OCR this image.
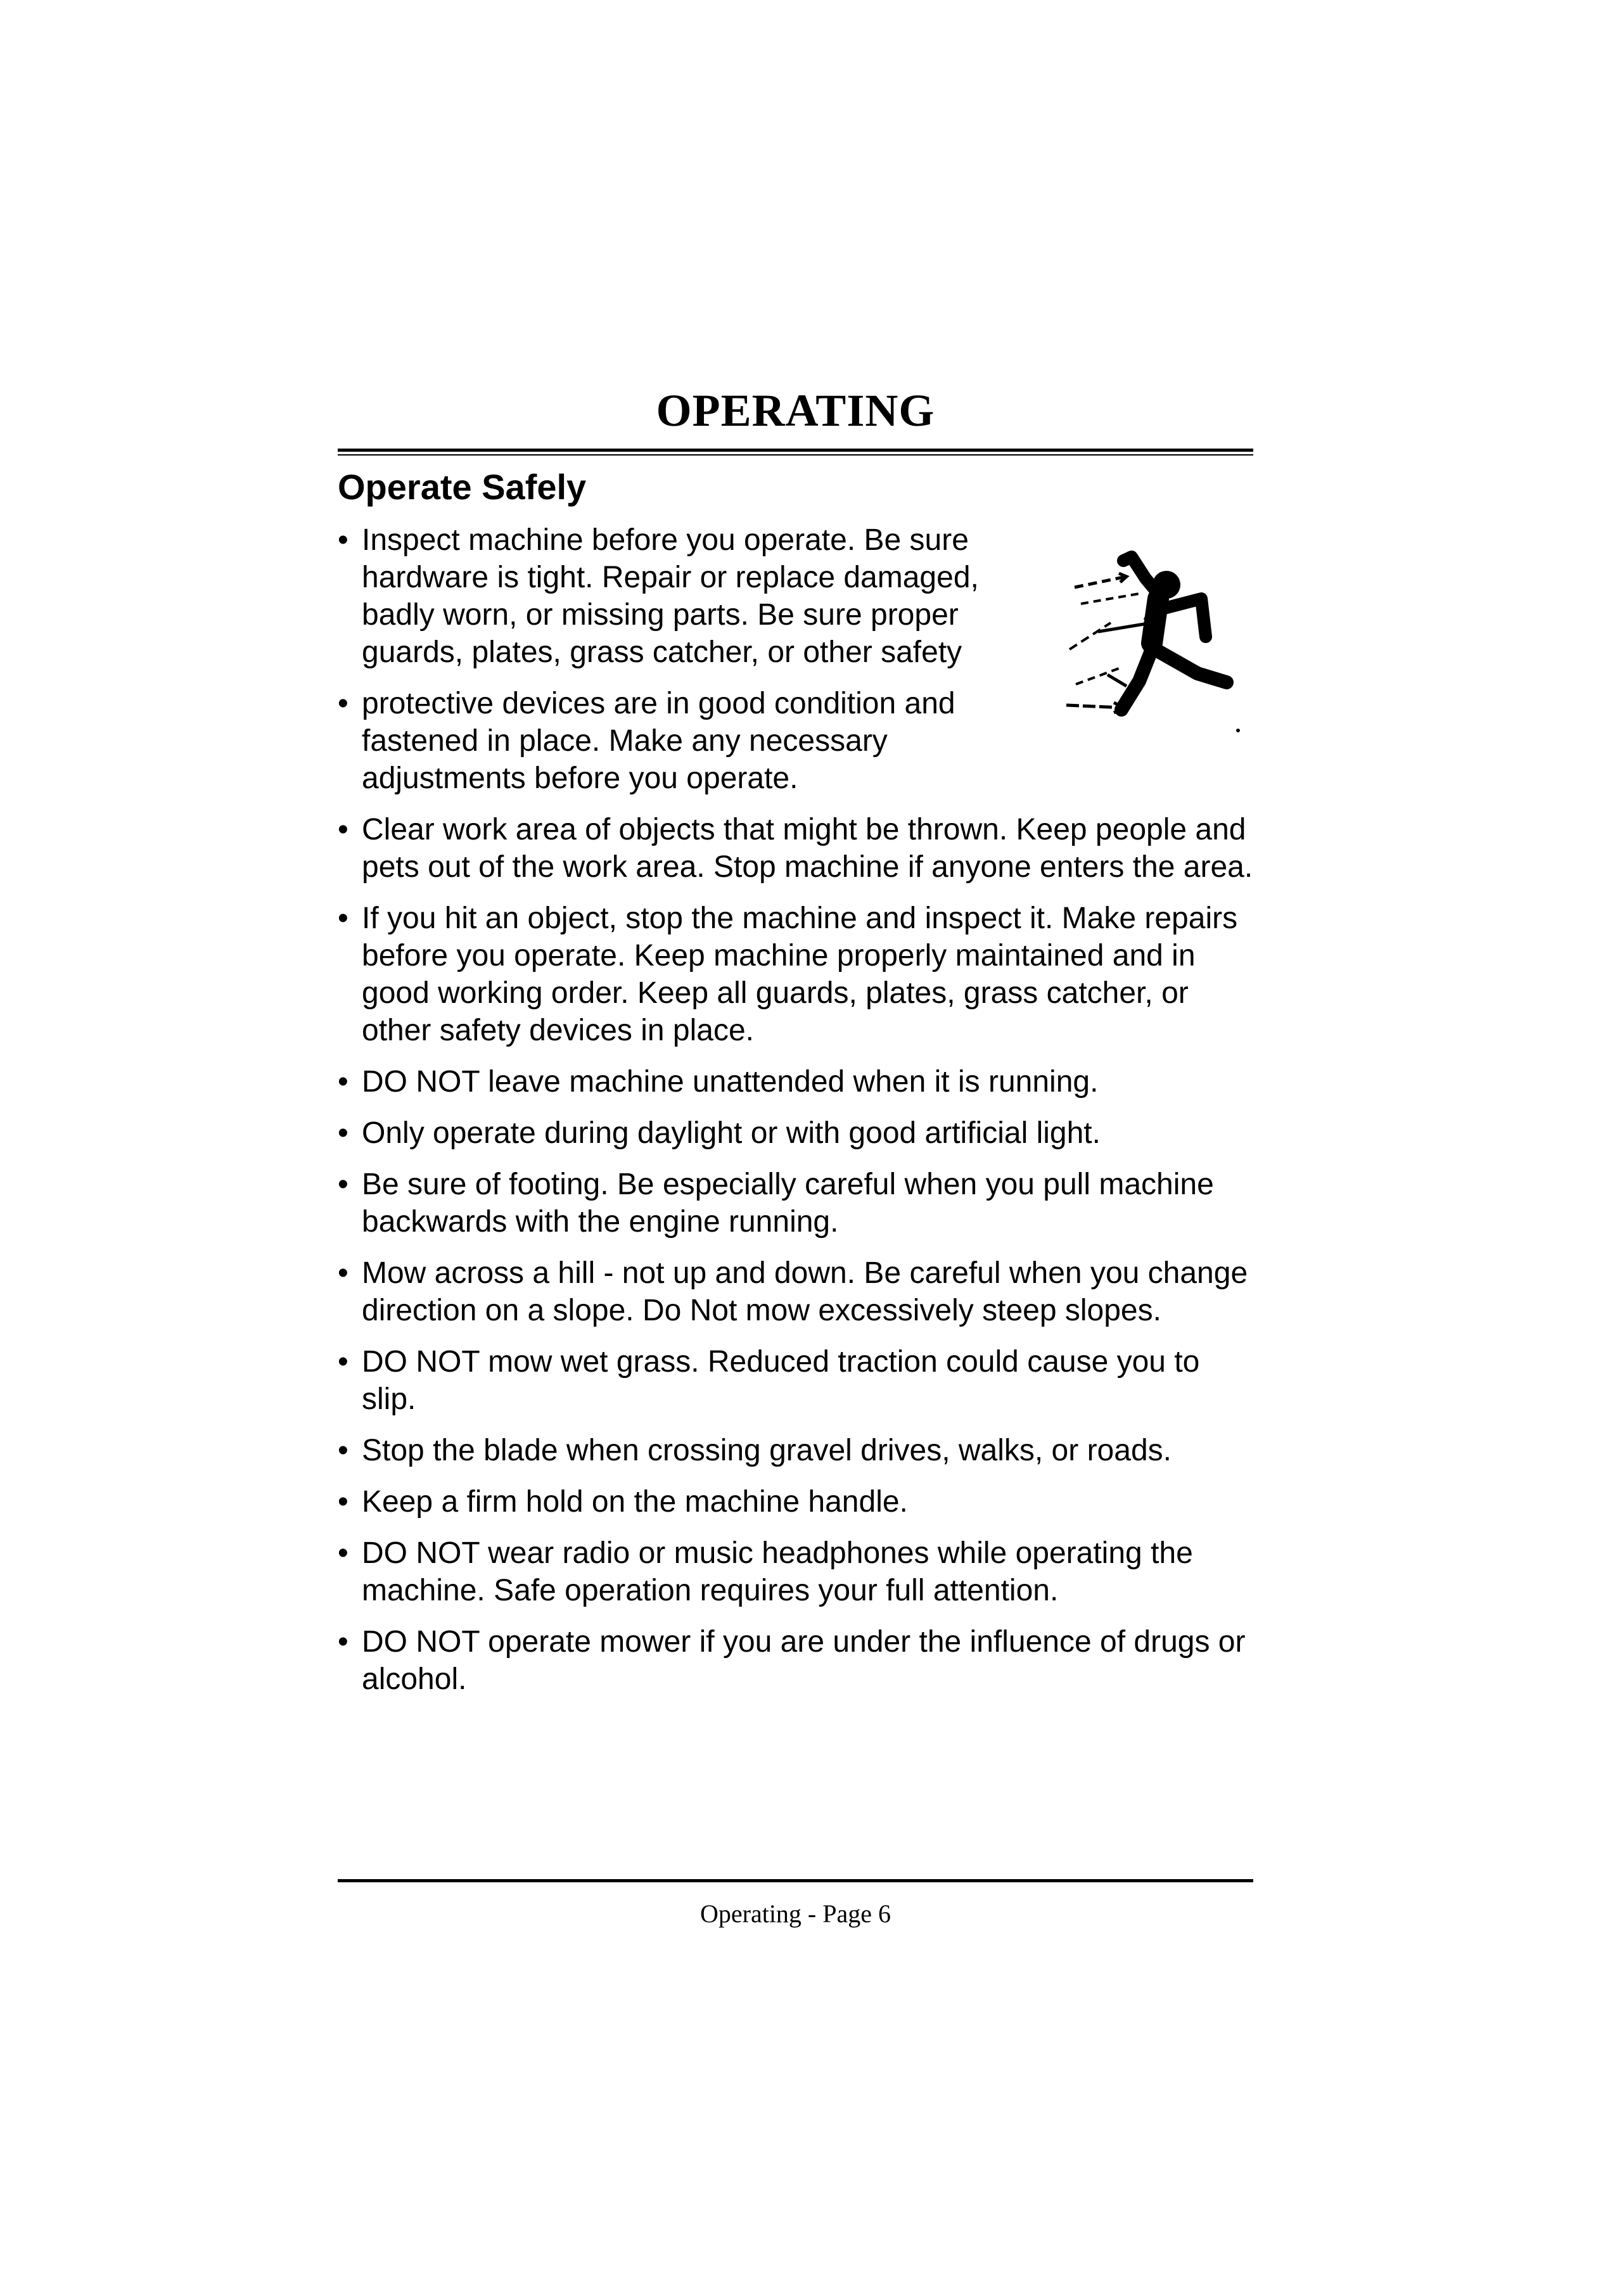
OPERATING
Operate Safely
• Inspect machine before you operate. Be sure hardware is tight. Repair or replace damaged, badly worn, or missing parts. Be sure proper guards, plates, grass catcher, or other safety
• protective devices are in good condition and fastened in place. Make any necessary adjustments before you operate.
• Clear work area of objects that might be thrown. Keep people and pets out of the work area. Stop machine if anyone enters the area.
• If you hit an object, stop the machine and inspect it. Make repairs before you operate. Keep machine properly maintained and in good working order. Keep all guards, plates, grass catcher, or other safety devices in place.
• DO NOT leave machine unattended when it is running.
• Only operate during daylight or with good artificial light.
• Be sure of footing. Be especially careful when you pull machine backwards with the engine running.
• Mow across a hill - not up and down. Be careful when you change direction on a slope. Do Not mow excessively steep slopes.
• DO NOT mow wet grass. Reduced traction could cause you to slip.
• Stop the blade when crossing gravel drives, walks, or roads.
• Keep a firm hold on the machine handle.
• DO NOT wear radio or music headphones while operating the machine. Safe operation requires your full attention.
• DO NOT operate mower if you are under the influence of drugs or alcohol.
Operating - Page 6
